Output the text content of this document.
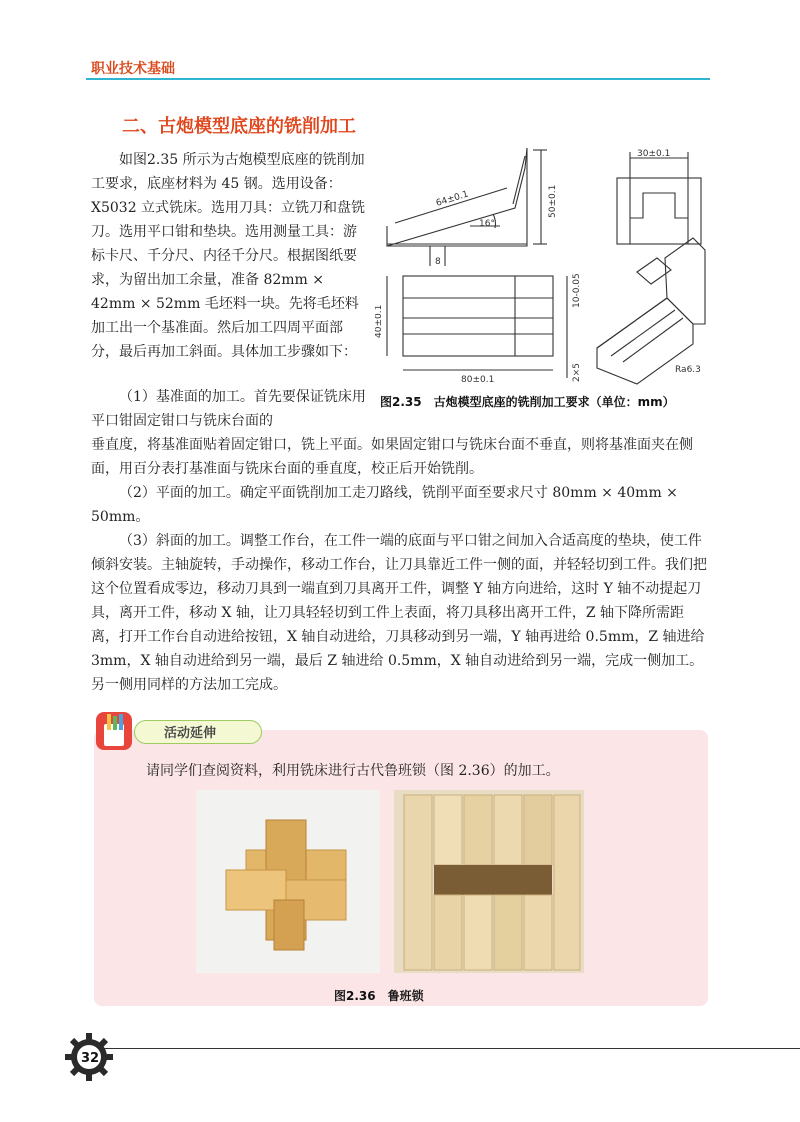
职业技术基础
二、古炮模型底座的铣削加工
如图2.35 所示为古炮模型底座的铣削加工要求，底座材料为 45 钢。选用设备：X5032 立式铣床。选用刀具：立铣刀和盘铣刀。选用平口钳和垫块。选用测量工具：游标卡尺、千分尺、内径千分尺。根据图纸要求，为留出加工余量，准备 82mm × 42mm × 52mm 毛坯料一块。先将毛坯料加工出一个基准面。然后加工四周平面部分，最后再加工斜面。具体加工步骤如下：
64±0.1
16°
50±0.1
30±0.1
80±0.1
40±0.1
10-0.05
2×5
8
Ra6.3
图2.35　古炮模型底座的铣削加工要求（单位：mm）
（1）基准面的加工。首先要保证铣床用平口钳固定钳口与铣床台面的
垂直度，将基准面贴着固定钳口，铣上平面。如果固定钳口与铣床台面不垂直，则将基准面夹在侧面，用百分表打基准面与铣床台面的垂直度，校正后开始铣削。
（2）平面的加工。确定平面铣削加工走刀路线，铣削平面至要求尺寸 80mm × 40mm × 50mm。
（3）斜面的加工。调整工作台，在工件一端的底面与平口钳之间加入合适高度的垫块，使工件倾斜安装。主轴旋转，手动操作，移动工作台，让刀具靠近工件一侧的面，并轻轻切到工件。我们把这个位置看成零边，移动刀具到一端直到刀具离开工件，调整 Y 轴方向进给，这时 Y 轴不动提起刀具，离开工件，移动 X 轴，让刀具轻轻切到工件上表面，将刀具移出离开工件，Z 轴下降所需距离，打开工作台自动进给按钮，X 轴自动进给，刀具移动到另一端，Y 轴再进给 0.5mm，Z 轴进给 3mm，X 轴自动进给到另一端，最后 Z 轴进给 0.5mm，X 轴自动进给到另一端，完成一侧加工。另一侧用同样的方法加工完成。
活动延伸
请同学们查阅资料，利用铣床进行古代鲁班锁（图 2.36）的加工。
图2.36　鲁班锁
32
